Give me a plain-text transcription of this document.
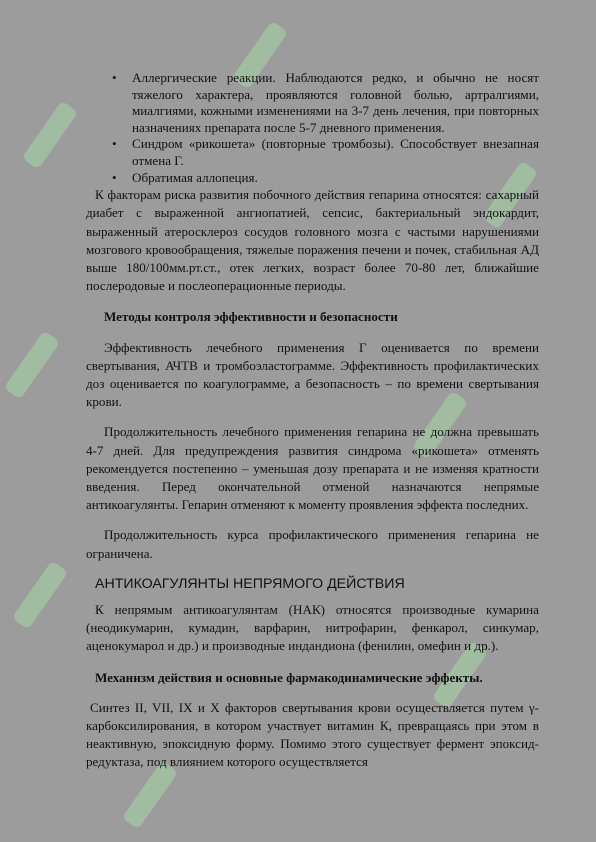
• Аллергические реакции. Наблюдаются редко, и обычно не носят тяжелого характера, проявляются головной болью, артралгиями, миалгиями, кожными изменениями на 3-7 день лечения, при повторных назначениях препарата после 5-7 дневного применения.
• Синдром «рикошета» (повторные тромбозы). Способствует внезапная отмена Г.
• Обратимая аллопеция.

К факторам риска развития побочного действия гепарина относятся: сахарный диабет с выраженной ангиопатией, сепсис, бактериальный эндокардит, выраженный атеросклероз сосудов головного мозга с частыми нарушениями мозгового кровообращения, тяжелые поражения печени и почек, стабильная АД выше 180/100мм.рт.ст., отек легких, возраст более 70-80 лет, ближайшие послеродовые и послеоперационные периоды.

Методы контроля эффективности и безопасности

Эффективность лечебного применения Г оценивается по времени свертывания, АЧТВ и тромбоэластограмме. Эффективность профилактических доз оценивается по коагулограмме, а безопасность – по времени свертывания крови.

Продолжительность лечебного применения гепарина не должна превышать 4-7 дней. Для предупреждения развития синдрома «рикошета» отменять рекомендуется постепенно – уменьшая дозу препарата и не изменяя кратности введения. Перед окончательной отменой назначаются непрямые антикоагулянты. Гепарин отменяют к моменту проявления эффекта последних.

Продолжительность курса профилактического применения гепарина не ограничена.

АНТИКОАГУЛЯНТЫ НЕПРЯМОГО ДЕЙСТВИЯ

К непрямым антикоагулянтам (НАК) относятся производные кумарина (неодикумарин, кумадин, варфарин, нитрофарин, фенкарол, синкумар, аценокумарол и др.) и производные индандиона (фенилин, омефин и др.).

Механизм действия и основные фармакодинамические эффекты.

Синтез II, VII, IX и X факторов свертывания крови осуществляется путем γ-карбоксилирования, в котором участвует витамин К, превращаясь при этом в неактивную, эпоксидную форму. Помимо этого существует фермент эпоксид-редуктаза, под влиянием которого осуществляется
